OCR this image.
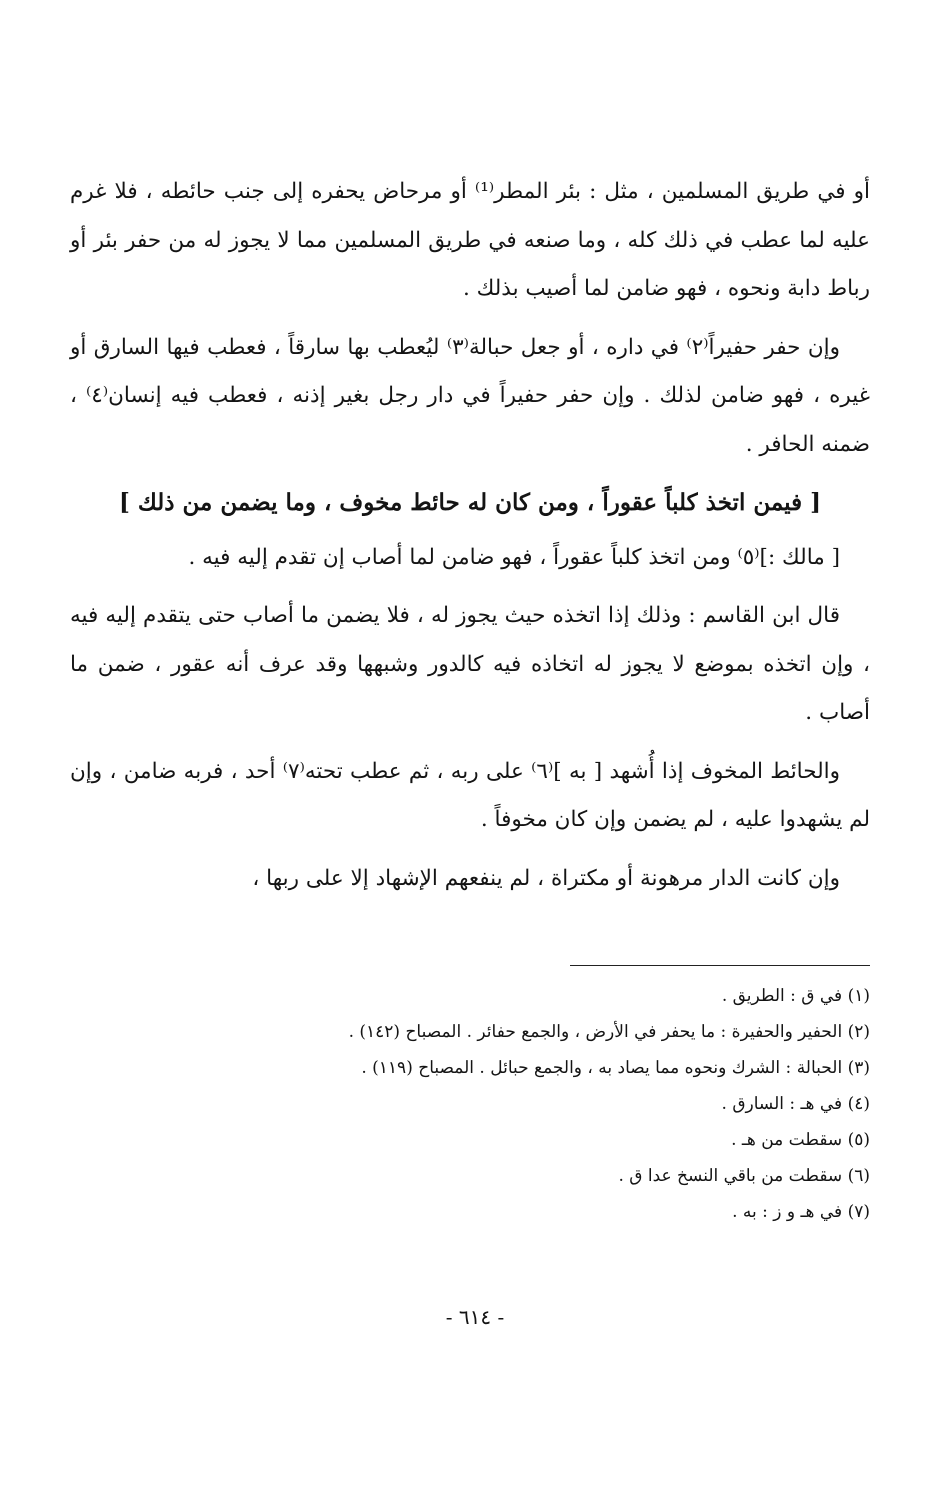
أو في طريق المسلمين ، مثل : بئر المطر⁽¹⁾ أو مرحاض يحفره إلى جنب حائطه ، فلا غرم عليه لما عطب في ذلك كله ، وما صنعه في طريق المسلمين مما لا يجوز له من حفر بئر أو رباط دابة ونحوه ، فهو ضامن لما أصيب بذلك .

وإن حفر حفيراً⁽٢⁾ في داره ، أو جعل حبالة⁽٣⁾ ليُعطب بها سارقاً ، فعطب فيها السارق أو غيره ، فهو ضامن لذلك . وإن حفر حفيراً في دار رجل بغير إذنه ، فعطب فيه إنسان⁽٤⁾ ، ضمنه الحافر .

[ فيمن اتخذ كلباً عقوراً ، ومن كان له حائط مخوف ، وما يضمن من ذلك ]

[ مالك :]⁽٥⁾ ومن اتخذ كلباً عقوراً ، فهو ضامن لما أصاب إن تقدم إليه فيه .

قال ابن القاسم : وذلك إذا اتخذه حيث يجوز له ، فلا يضمن ما أصاب حتى يتقدم إليه فيه ، وإن اتخذه بموضع لا يجوز له اتخاذه فيه كالدور وشبهها وقد عرف أنه عقور ، ضمن ما أصاب .

والحائط المخوف إذا أُشهد [ به ]⁽٦⁾ على ربه ، ثم عطب تحته⁽٧⁾ أحد ، فربه ضامن ، وإن لم يشهدوا عليه ، لم يضمن وإن كان مخوفاً .

وإن كانت الدار مرهونة أو مكتراة ، لم ينفعهم الإشهاد إلا على ربها ،

(١) في ق : الطريق .
(٢) الحفير والحفيرة : ما يحفر في الأرض ، والجمع حفائر . المصباح (١٤٢) .
(٣) الحبالة : الشرك ونحوه مما يصاد به ، والجمع حبائل . المصباح (١١٩) .
(٤) في هـ : السارق .
(٥) سقطت من هـ .
(٦) سقطت من باقي النسخ عدا ق .
(٧) في هـ و ز : به .
- ٦١٤ -
